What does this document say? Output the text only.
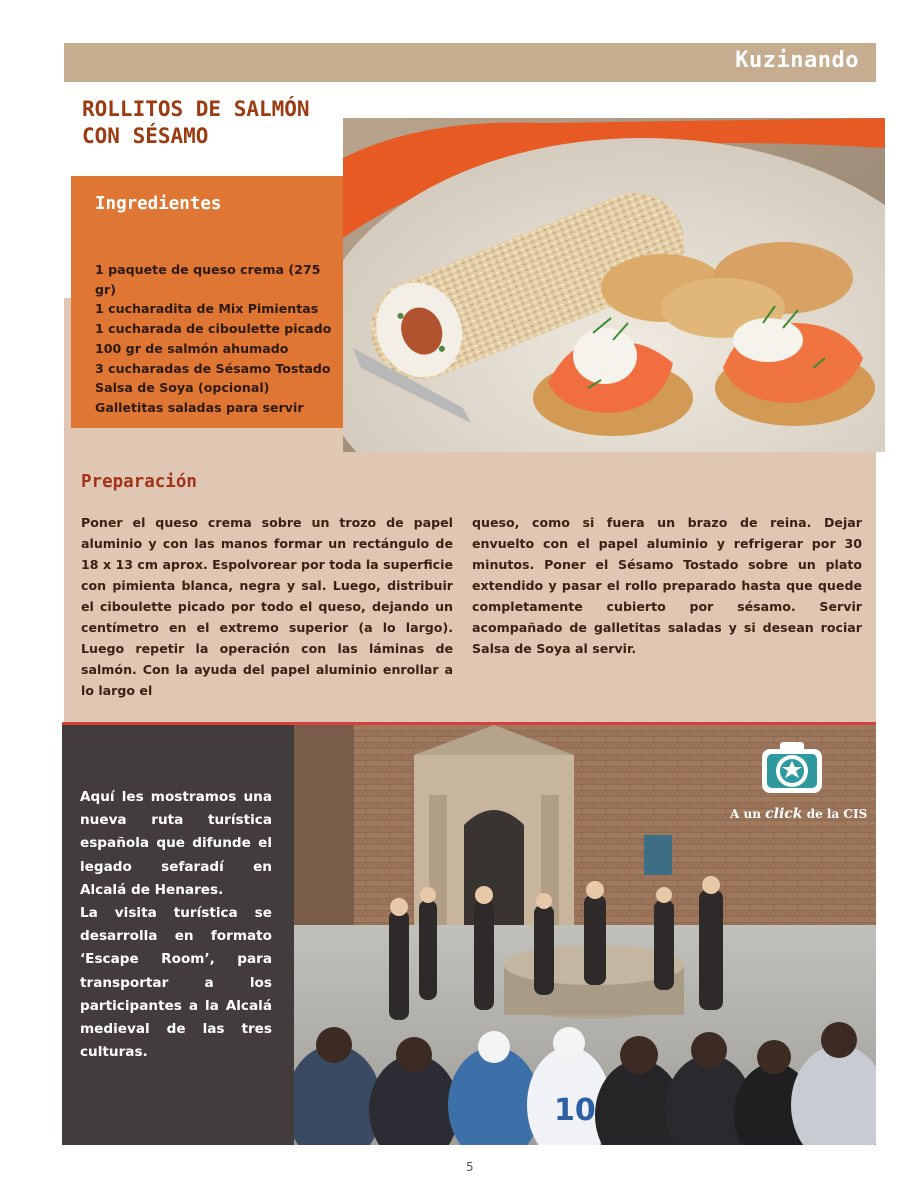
Kuzinando
ROLLITOS DE SALMÓN
CON SÉSAMO
Ingredientes
1 paquete de queso crema (275 gr)
1 cucharadita de Mix Pimientas
1 cucharada de ciboulette picado
100 gr de salmón ahumado
3 cucharadas de Sésamo Tostado
Salsa de Soya (opcional)
Galletitas saladas para servir
Preparación

Poner el queso crema sobre un trozo de papel aluminio y con las manos formar un rectángulo de 18 x 13 cm aprox. Espolvorear por toda la superficie con pimienta blanca, negra y sal. Luego, distribuir el ciboulette picado por todo el queso, dejando un centímetro en el extremo superior (a lo largo). Luego repetir la operación con las láminas de salmón. Con la ayuda del papel aluminio enrollar a lo largo el

queso, como si fuera un brazo de reina. Dejar envuelto con el papel aluminio y refrigerar por 30 minutos. Poner el Sésamo Tostado sobre un plato extendido y pasar el rollo preparado hasta que quede completamente cubierto por sésamo. Servir acompañado de galletitas saladas y si desean rociar Salsa de Soya al servir.

Aquí les mostramos una nueva ruta turística española que difunde el legado sefaradí en Alcalá de Henares.
La visita turística se desarrolla en formato ‘Escape Room’, para transportar a los participantes a la Alcalá medieval de las tres culturas.

10
A un click de la CIS
5
